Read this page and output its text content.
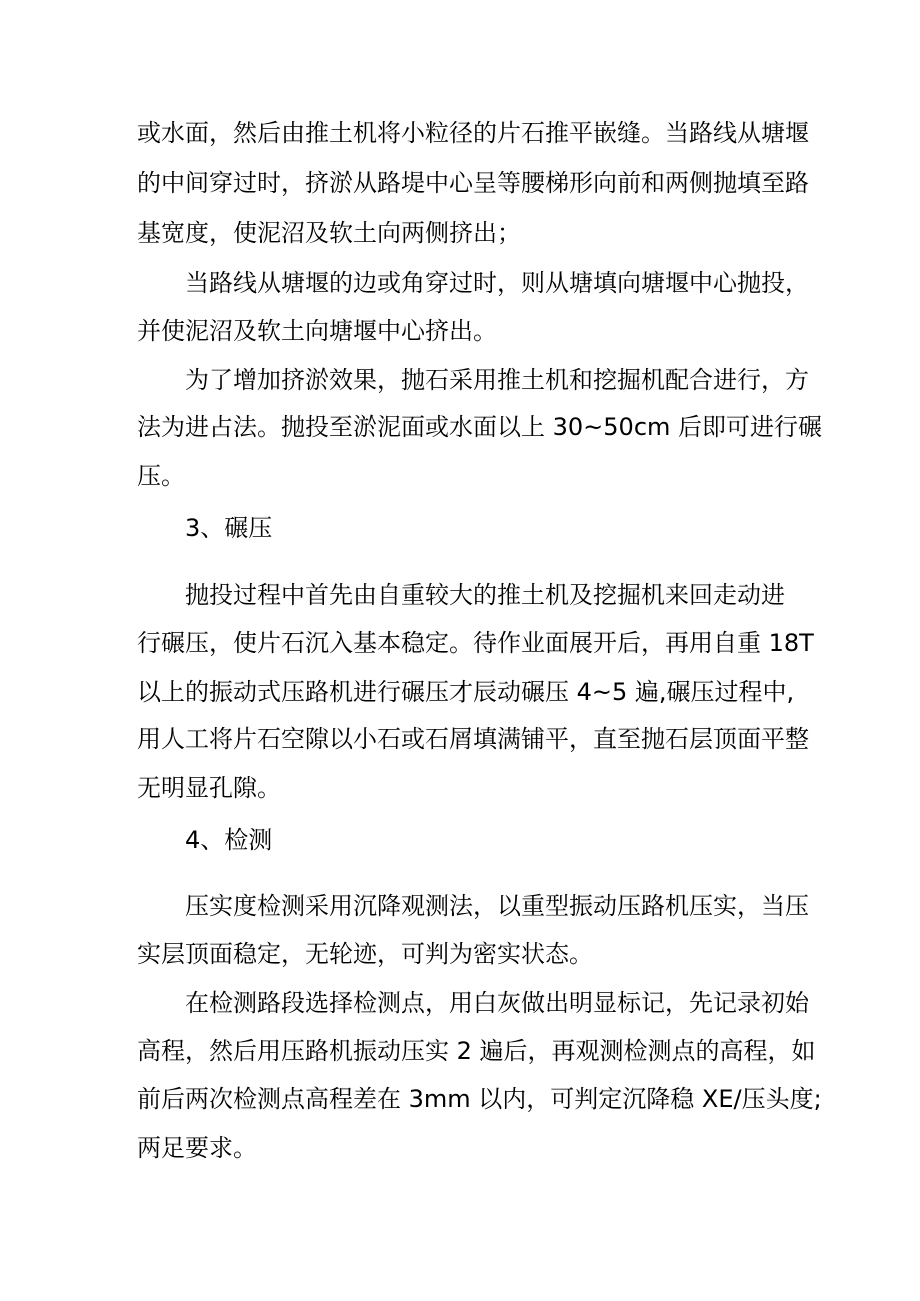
或水面，然后由推土机将小粒径的片石推平嵌缝。当路线从塘堰
的中间穿过时，挤淤从路堤中心呈等腰梯形向前和两侧抛填至路
基宽度，使泥沼及软土向两侧挤出；
当路线从塘堰的边或角穿过时，则从塘填向塘堰中心抛投，
并使泥沼及软土向塘堰中心挤出。
为了增加挤淤效果，抛石采用推土机和挖掘机配合进行，方
法为进占法。抛投至淤泥面或水面以上 30~50cm 后即可进行碾
压。
3、碾压
抛投过程中首先由自重较大的推土机及挖掘机来回走动进
行碾压，使片石沉入基本稳定。待作业面展开后，再用自重 18T
以上的振动式压路机进行碾压才辰动碾压 4~5 遍,碾压过程中,
用人工将片石空隙以小石或石屑填满铺平，直至抛石层顶面平整
无明显孔隙。
4、检测
压实度检测采用沉降观测法，以重型振动压路机压实，当压
实层顶面稳定，无轮迹，可判为密实状态。
在检测路段选择检测点，用白灰做出明显标记，先记录初始
高程，然后用压路机振动压实 2 遍后，再观测检测点的高程，如
前后两次检测点高程差在 3mm 以内，可判定沉降稳 XE/压头度;
两足要求。
